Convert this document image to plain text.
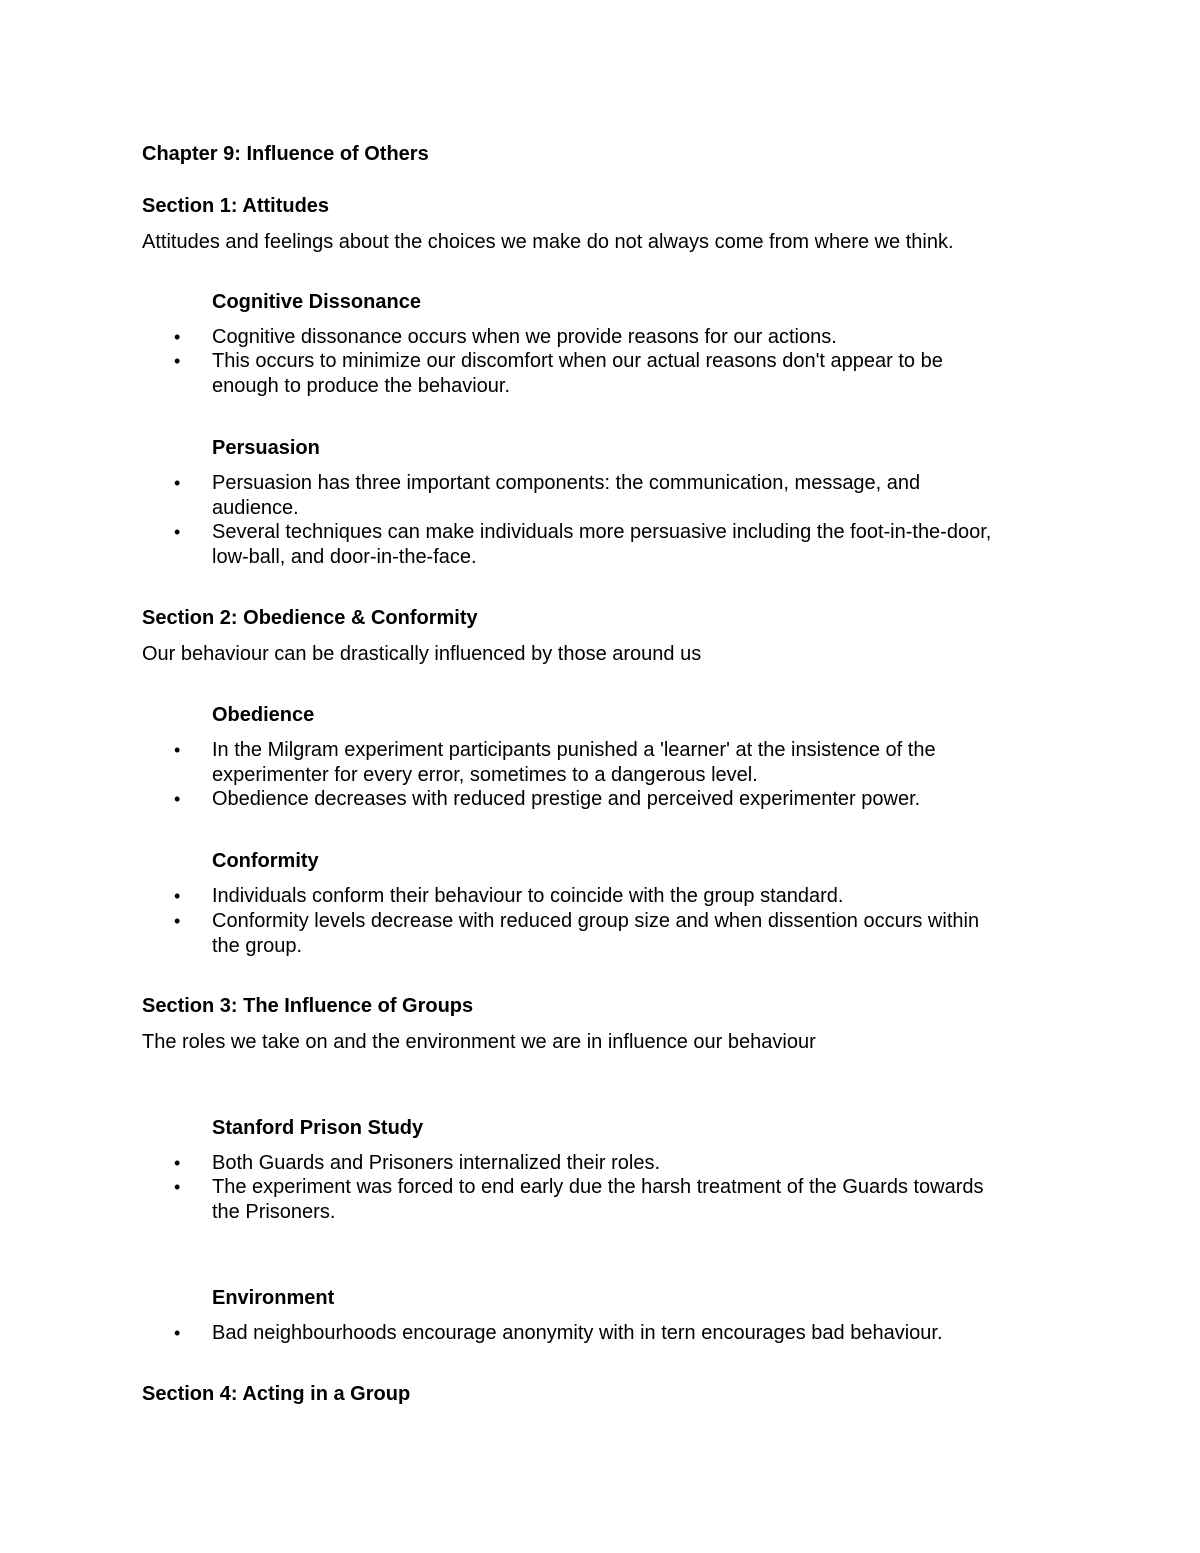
Chapter 9: Influence of Others
Section 1: Attitudes
Attitudes and feelings about the choices we make do not always come from where we think.
Cognitive Dissonance
• Cognitive dissonance occurs when we provide reasons for our actions.
• This occurs to minimize our discomfort when our actual reasons don't appear to be
enough to produce the behaviour.
Persuasion
• Persuasion has three important components: the communication, message, and
audience.
• Several techniques can make individuals more persuasive including the foot-in-the-door,
low-ball, and door-in-the-face.
Section 2: Obedience & Conformity
Our behaviour can be drastically influenced by those around us
Obedience
• In the Milgram experiment participants punished a 'learner' at the insistence of the
experimenter for every error, sometimes to a dangerous level.
• Obedience decreases with reduced prestige and perceived experimenter power.
Conformity
• Individuals conform their behaviour to coincide with the group standard.
• Conformity levels decrease with reduced group size and when dissention occurs within
the group.
Section 3: The Influence of Groups
The roles we take on and the environment we are in influence our behaviour
Stanford Prison Study
• Both Guards and Prisoners internalized their roles.
• The experiment was forced to end early due the harsh treatment of the Guards towards
the Prisoners.
Environment
• Bad neighbourhoods encourage anonymity with in tern encourages bad behaviour.
Section 4: Acting in a Group
